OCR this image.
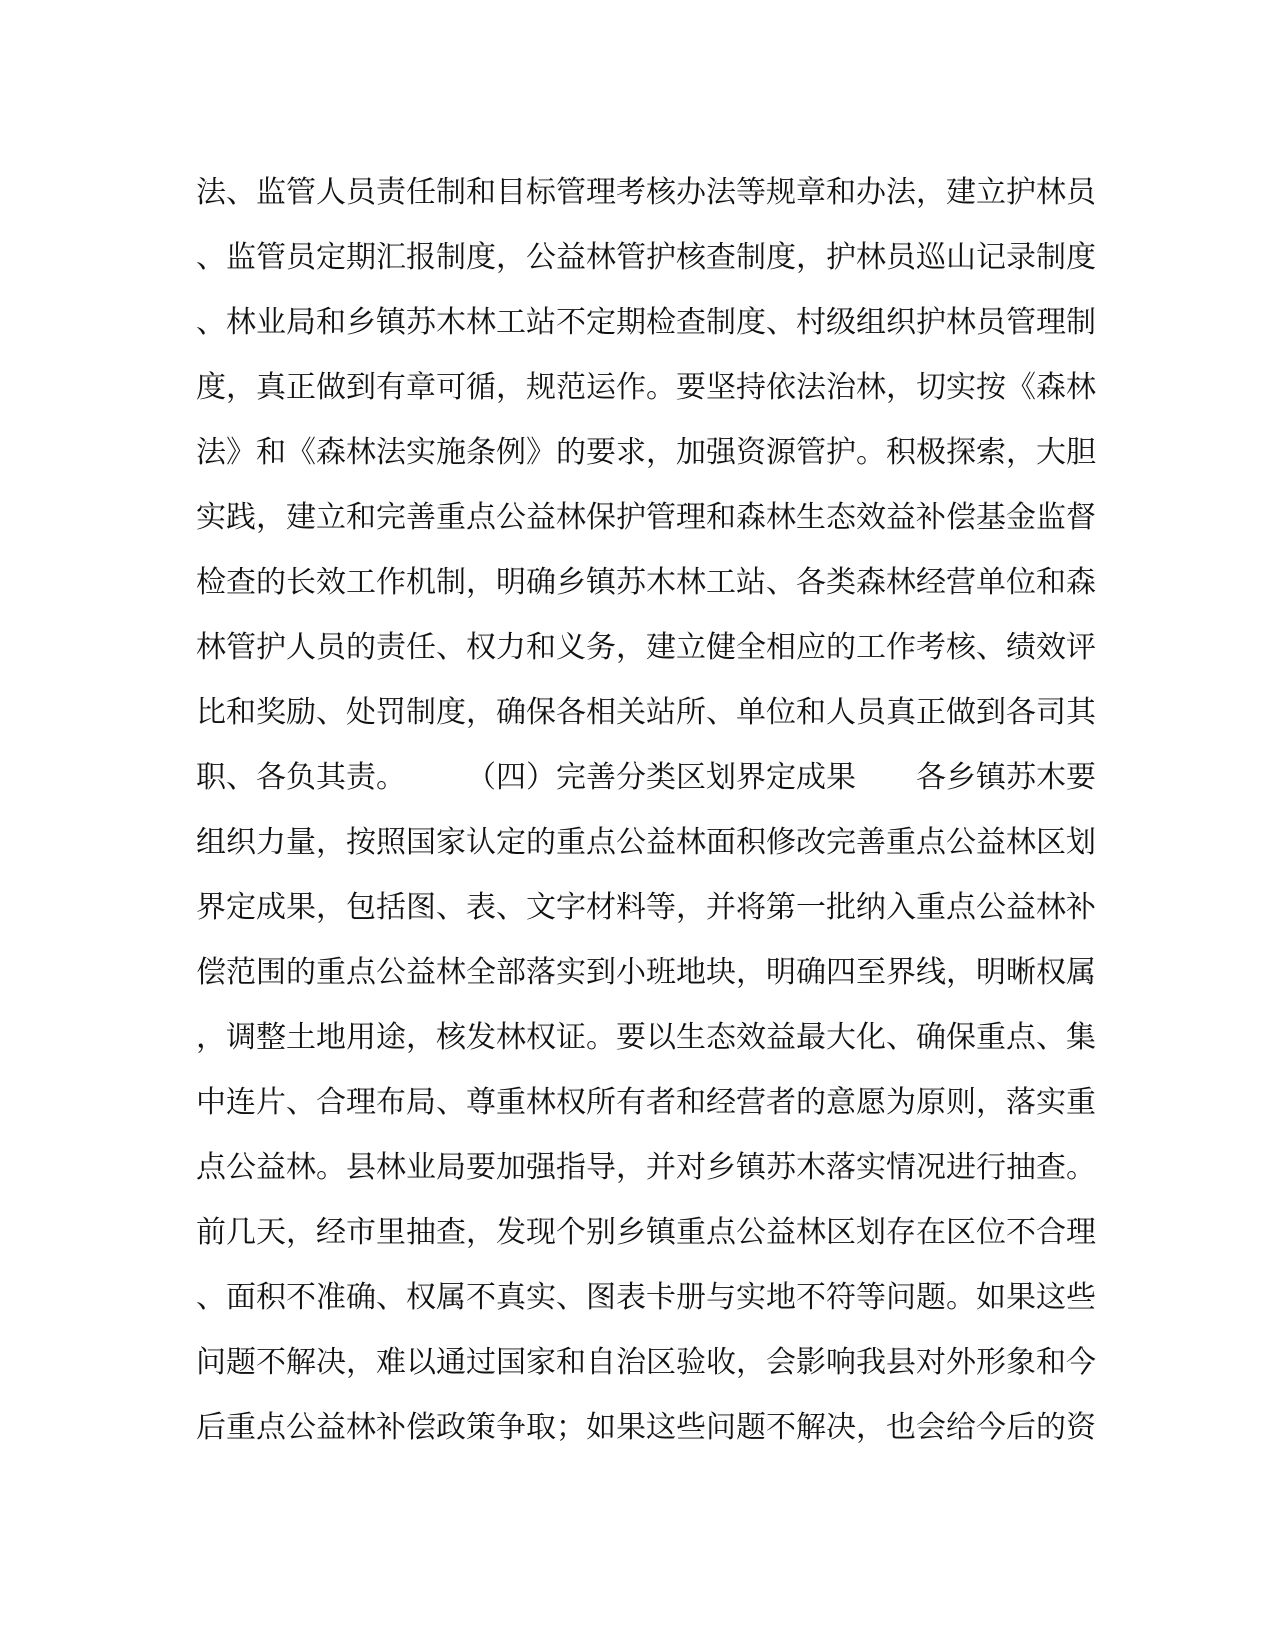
法、监管人员责任制和目标管理考核办法等规章和办法，建立护林员
、监管员定期汇报制度，公益林管护核查制度，护林员巡山记录制度
、林业局和乡镇苏木林工站不定期检查制度、村级组织护林员管理制
度，真正做到有章可循，规范运作。要坚持依法治林，切实按《森林
法》和《森林法实施条例》的要求，加强资源管护。积极探索，大胆
实践，建立和完善重点公益林保护管理和森林生态效益补偿基金监督
检查的长效工作机制，明确乡镇苏木林工站、各类森林经营单位和森
林管护人员的责任、权力和义务，建立健全相应的工作考核、绩效评
比和奖励、处罚制度，确保各相关站所、单位和人员真正做到各司其
职、各负其责。　　　（四）完善分类区划界定成果　　各乡镇苏木要
组织力量，按照国家认定的重点公益林面积修改完善重点公益林区划
界定成果，包括图、表、文字材料等，并将第一批纳入重点公益林补
偿范围的重点公益林全部落实到小班地块，明确四至界线，明晰权属
，调整土地用途，核发林权证。要以生态效益最大化、确保重点、集
中连片、合理布局、尊重林权所有者和经营者的意愿为原则，落实重
点公益林。县林业局要加强指导，并对乡镇苏木落实情况进行抽查。
前几天，经市里抽查，发现个别乡镇重点公益林区划存在区位不合理
、面积不准确、权属不真实、图表卡册与实地不符等问题。如果这些
问题不解决，难以通过国家和自治区验收，会影响我县对外形象和今
后重点公益林补偿政策争取；如果这些问题不解决，也会给今后的资
